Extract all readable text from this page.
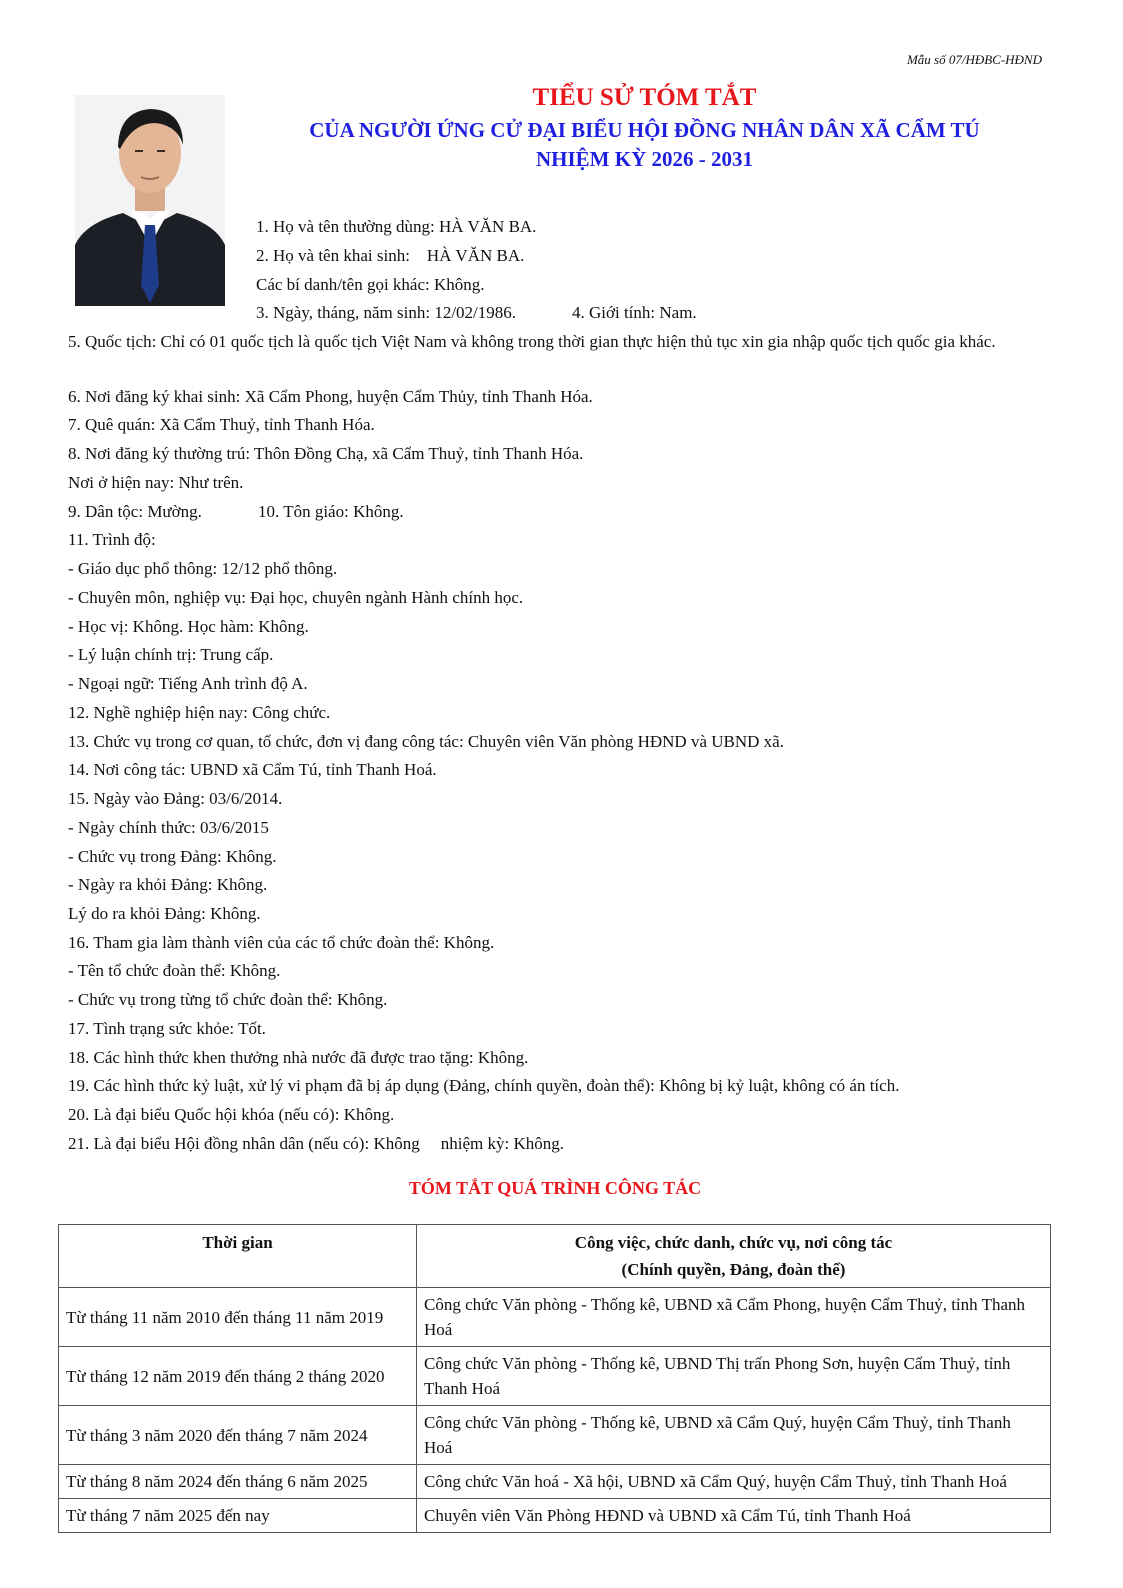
Mẫu số 07/HĐBC-HĐND
TIỂU SỬ TÓM TẮT
CỦA NGƯỜI ỨNG CỬ ĐẠI BIỂU HỘI ĐỒNG NHÂN DÂN XÃ CẨM TÚ
NHIỆM KỲ 2026 - 2031
1. Họ và tên thường dùng: HÀ VĂN BA.
2. Họ và tên khai sinh: HÀ VĂN BA.
Các bí danh/tên gọi khác: Không.
3. Ngày, tháng, năm sinh: 12/02/1986.	4. Giới tính: Nam.
5. Quốc tịch: Chỉ có 01 quốc tịch là quốc tịch Việt Nam và không trong thời gian thực hiện thủ tục xin gia nhập quốc tịch quốc gia khác.
6. Nơi đăng ký khai sinh: Xã Cẩm Phong, huyện Cẩm Thủy, tỉnh Thanh Hóa.
7. Quê quán: Xã Cẩm Thuỷ, tỉnh Thanh Hóa.
8. Nơi đăng ký thường trú: Thôn Đồng Chạ, xã Cẩm Thuỷ, tỉnh Thanh Hóa.
Nơi ở hiện nay: Như trên.
9. Dân tộc: Mường.	10. Tôn giáo: Không.
11. Trình độ:
- Giáo dục phổ thông: 12/12 phổ thông.
- Chuyên môn, nghiệp vụ: Đại học, chuyên ngành Hành chính học.
- Học vị: Không. Học hàm: Không.
- Lý luận chính trị: Trung cấp.
- Ngoại ngữ: Tiếng Anh trình độ A.
12. Nghề nghiệp hiện nay: Công chức.
13. Chức vụ trong cơ quan, tổ chức, đơn vị đang công tác: Chuyên viên Văn phòng HĐND và UBND xã.
14. Nơi công tác: UBND xã Cẩm Tú, tỉnh Thanh Hoá.
15. Ngày vào Đảng: 03/6/2014.
- Ngày chính thức: 03/6/2015
- Chức vụ trong Đảng: Không.
- Ngày ra khỏi Đảng: Không.
Lý do ra khỏi Đảng: Không.
16. Tham gia làm thành viên của các tổ chức đoàn thể: Không.
- Tên tổ chức đoàn thể: Không.
- Chức vụ trong từng tổ chức đoàn thể: Không.
17. Tình trạng sức khỏe: Tốt.
18. Các hình thức khen thưởng nhà nước đã được trao tặng: Không.
19. Các hình thức kỷ luật, xử lý vi phạm đã bị áp dụng (Đảng, chính quyền, đoàn thể): Không bị kỷ luật, không có án tích.
20. Là đại biểu Quốc hội khóa (nếu có): Không.
21. Là đại biểu Hội đồng nhân dân (nếu có): Không nhiệm kỳ: Không.
TÓM TẮT QUÁ TRÌNH CÔNG TÁC
Thời gian	Công việc, chức danh, chức vụ, nơi công tác
(Chính quyền, Đảng, đoàn thể)
Từ tháng 11 năm 2010 đến tháng 11 năm 2019	Công chức Văn phòng - Thống kê, UBND xã Cẩm Phong, huyện Cẩm Thuỷ, tỉnh Thanh Hoá
Từ tháng 12 năm 2019 đến tháng 2 tháng 2020	Công chức Văn phòng - Thống kê, UBND Thị trấn Phong Sơn, huyện Cẩm Thuỷ, tỉnh Thanh Hoá
Từ tháng 3 năm 2020 đến tháng 7 năm 2024	Công chức Văn phòng - Thống kê, UBND xã Cẩm Quý, huyện Cẩm Thuỷ, tỉnh Thanh Hoá
Từ tháng 8 năm 2024 đến tháng 6 năm 2025	Công chức Văn hoá - Xã hội, UBND xã Cẩm Quý, huyện Cẩm Thuỷ, tỉnh Thanh Hoá
Từ tháng 7 năm 2025 đến nay	Chuyên viên Văn Phòng HĐND và UBND xã Cẩm Tú, tỉnh Thanh Hoá
